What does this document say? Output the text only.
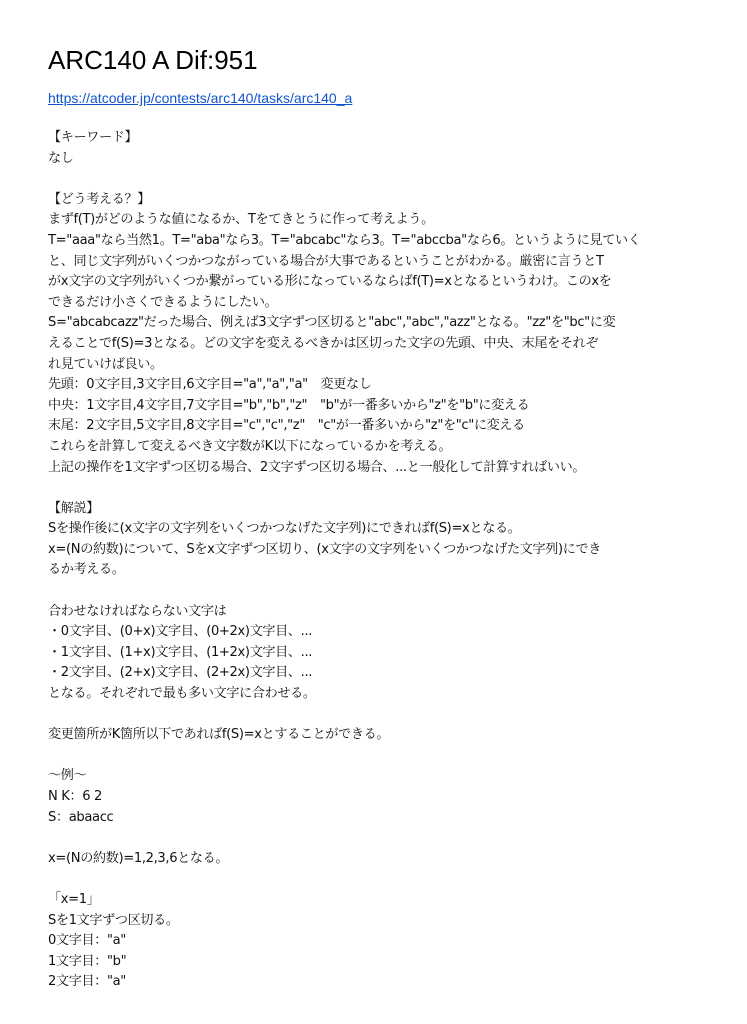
ARC140 A Dif:951
https://atcoder.jp/contests/arc140/tasks/arc140_a
【キーワード】
なし
【どう考える？】
まずf(T)がどのような値になるか、Tをてきとうに作って考えよう。
T="aaa"なら当然1。T="aba"なら3。T="abcabc"なら3。T="abccba"なら6。というように見ていく
と、同じ文字列がいくつかつながっている場合が大事であるということがわかる。厳密に言うとT
がx文字の文字列がいくつか繋がっている形になっているならばf(T)=xとなるというわけ。このxを
できるだけ小さくできるようにしたい。
S="abcabcazz"だった場合、例えば3文字ずつ区切ると"abc","abc","azz"となる。"zz"を"bc"に変
えることでf(S)=3となる。どの文字を変えるべきかは区切った文字の先頭、中央、末尾をそれぞ
れ見ていけば良い。
先頭：0文字目,3文字目,6文字目="a","a","a"　変更なし
中央：1文字目,4文字目,7文字目="b","b","z"　"b"が一番多いから"z"を"b"に変える
末尾：2文字目,5文字目,8文字目="c","c","z"　"c"が一番多いから"z"を"c"に変える
これらを計算して変えるべき文字数がK以下になっているかを考える。
上記の操作を1文字ずつ区切る場合、2文字ずつ区切る場合、...と一般化して計算すればいい。
【解説】
Sを操作後に(x文字の文字列をいくつかつなげた文字列)にできればf(S)=xとなる。
x=(Nの約数)について、Sをx文字ずつ区切り、(x文字の文字列をいくつかつなげた文字列)にでき
るか考える。
合わせなければならない文字は
・0文字目、(0+x)文字目、(0+2x)文字目、...
・1文字目、(1+x)文字目、(1+2x)文字目、...
・2文字目、(2+x)文字目、(2+2x)文字目、...
となる。それぞれで最も多い文字に合わせる。
変更箇所がK箇所以下であればf(S)=xとすることができる。
～例～
N K：6 2
S：abaacc
x=(Nの約数)=1,2,3,6となる。
「x=1」
Sを1文字ずつ区切る。
0文字目："a"
1文字目："b"
2文字目："a"
